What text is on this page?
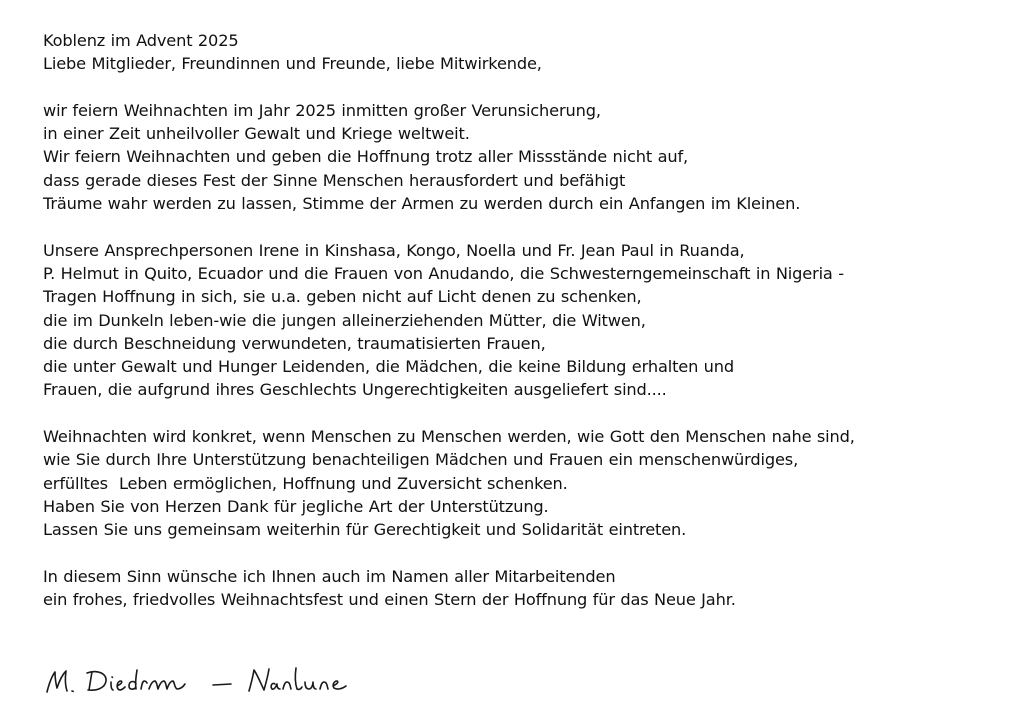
Koblenz im Advent 2025
Liebe Mitglieder, Freundinnen und Freunde, liebe Mitwirkende,
wir feiern Weihnachten im Jahr 2025 inmitten großer Verunsicherung,
in einer Zeit unheilvoller Gewalt und Kriege weltweit.
Wir feiern Weihnachten und geben die Hoffnung trotz aller Missstände nicht auf,
dass gerade dieses Fest der Sinne Menschen herausfordert und befähigt
Träume wahr werden zu lassen, Stimme der Armen zu werden durch ein Anfangen im Kleinen.
Unsere Ansprechpersonen Irene in Kinshasa, Kongo, Noella und Fr. Jean Paul in Ruanda,
P. Helmut in Quito, Ecuador und die Frauen von Anudando, die Schwesterngemeinschaft in Nigeria -
Tragen Hoffnung in sich, sie u.a. geben nicht auf Licht denen zu schenken,
die im Dunkeln leben-wie die jungen alleinerziehenden Mütter, die Witwen,
die durch Beschneidung verwundeten, traumatisierten Frauen,
die unter Gewalt und Hunger Leidenden, die Mädchen, die keine Bildung erhalten und
Frauen, die aufgrund ihres Geschlechts Ungerechtigkeiten ausgeliefert sind....
Weihnachten wird konkret, wenn Menschen zu Menschen werden, wie Gott den Menschen nahe sind,
wie Sie durch Ihre Unterstützung benachteiligen Mädchen und Frauen ein menschenwürdiges,
erfülltes  Leben ermöglichen, Hoffnung und Zuversicht schenken.
Haben Sie von Herzen Dank für jegliche Art der Unterstützung.
Lassen Sie uns gemeinsam weiterhin für Gerechtigkeit und Solidarität eintreten.
In diesem Sinn wünsche ich Ihnen auch im Namen aller Mitarbeitenden
ein frohes, friedvolles Weihnachtsfest und einen Stern der Hoffnung für das Neue Jahr.
